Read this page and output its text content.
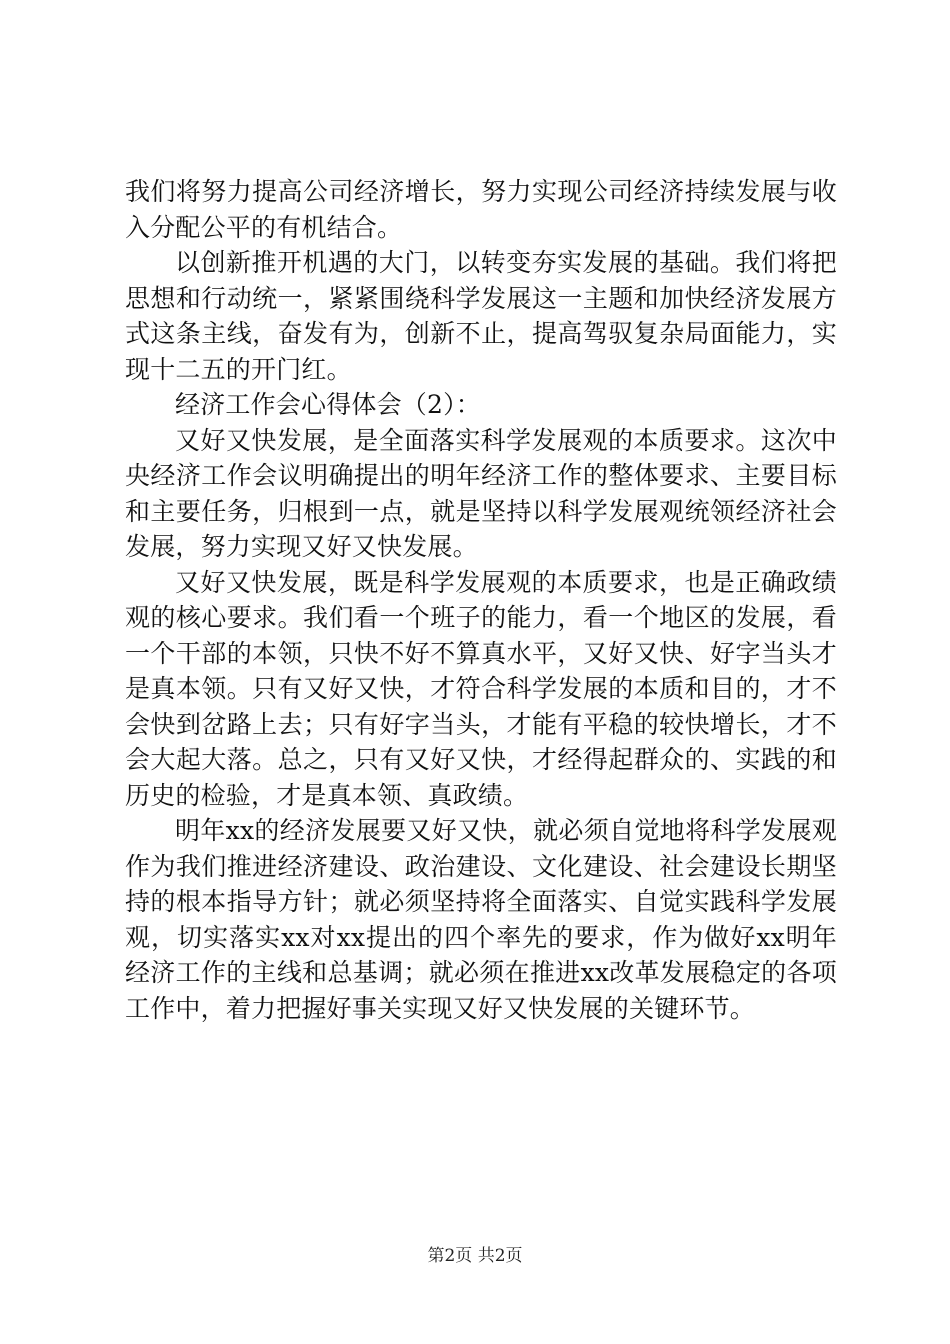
我们将努力提高公司经济增长，努力实现公司经济持续发展与收入分配公平的有机结合。

以创新推开机遇的大门，以转变夯实发展的基础。我们将把思想和行动统一，紧紧围绕科学发展这一主题和加快经济发展方式这条主线，奋发有为，创新不止，提高驾驭复杂局面能力，实现十二五的开门红。

经济工作会心得体会（2）：

又好又快发展，是全面落实科学发展观的本质要求。这次中央经济工作会议明确提出的明年经济工作的整体要求、主要目标和主要任务，归根到一点，就是坚持以科学发展观统领经济社会发展，努力实现又好又快发展。

又好又快发展，既是科学发展观的本质要求，也是正确政绩观的核心要求。我们看一个班子的能力，看一个地区的发展，看一个干部的本领，只快不好不算真水平，又好又快、好字当头才是真本领。只有又好又快，才符合科学发展的本质和目的，才不会快到岔路上去；只有好字当头，才能有平稳的较快增长，才不会大起大落。总之，只有又好又快，才经得起群众的、实践的和历史的检验，才是真本领、真政绩。

明年xx的经济发展要又好又快，就必须自觉地将科学发展观作为我们推进经济建设、政治建设、文化建设、社会建设长期坚持的根本指导方针；就必须坚持将全面落实、自觉实践科学发展观，切实落实xx对xx提出的四个率先的要求，作为做好xx明年经济工作的主线和总基调；就必须在推进xx改革发展稳定的各项工作中，着力把握好事关实现又好又快发展的关键环节。

第2页 共2页
